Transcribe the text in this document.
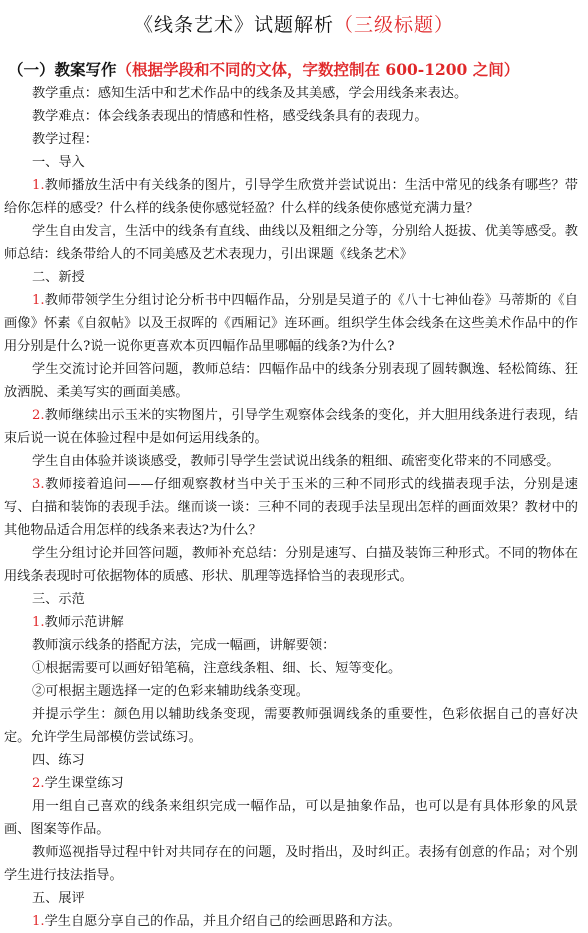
《线条艺术》试题解析（三级标题）
（一）教案写作（根据学段和不同的文体，字数控制在 600-1200 之间）

教学重点：感知生活中和艺术作品中的线条及其美感，学会用线条来表达。

教学难点：体会线条表现出的情感和性格，感受线条具有的表现力。

教学过程：

一、导入

1.教师播放生活中有关线条的图片，引导学生欣赏并尝试说出：生活中常见的线条有哪些？带给你怎样的感受？什么样的线条使你感觉轻盈？什么样的线条使你感觉充满力量？

学生自由发言，生活中的线条有直线、曲线以及粗细之分等，分别给人挺拔、优美等感受。教师总结：线条带给人的不同美感及艺术表现力，引出课题《线条艺术》

二、新授

1.教师带领学生分组讨论分析书中四幅作品，分别是吴道子的《八十七神仙卷》马蒂斯的《自画像》怀素《自叙帖》以及王叔晖的《西厢记》连环画。组织学生体会线条在这些美术作品中的作用分别是什么?说一说你更喜欢本页四幅作品里哪幅的线条?为什么?

学生交流讨论并回答问题，教师总结：四幅作品中的线条分别表现了圆转飘逸、轻松简练、狂放洒脱、柔美写实的画面美感。

2.教师继续出示玉米的实物图片，引导学生观察体会线条的变化，并大胆用线条进行表现，结束后说一说在体验过程中是如何运用线条的。

学生自由体验并谈谈感受，教师引导学生尝试说出线条的粗细、疏密变化带来的不同感受。

3.教师接着追问——仔细观察教材当中关于玉米的三种不同形式的线描表现手法，分别是速写、白描和装饰的表现手法。继而谈一谈：三种不同的表现手法呈现出怎样的画面效果？教材中的其他物品适合用怎样的线条来表达?为什么？

学生分组讨论并回答问题，教师补充总结：分别是速写、白描及装饰三种形式。不同的物体在用线条表现时可依据物体的质感、形状、肌理等选择恰当的表现形式。

三、示范

1.教师示范讲解

教师演示线条的搭配方法，完成一幅画，讲解要领：

①根据需要可以画好铅笔稿，注意线条粗、细、长、短等变化。

②可根据主题选择一定的色彩来辅助线条变现。

并提示学生：颜色用以辅助线条变现，需要教师强调线条的重要性，色彩依据自己的喜好决定。允许学生局部模仿尝试练习。

四、练习

2.学生课堂练习

用一组自己喜欢的线条来组织完成一幅作品，可以是抽象作品，也可以是有具体形象的风景画、图案等作品。

教师巡视指导过程中针对共同存在的问题，及时指出，及时纠正。表扬有创意的作品；对个别学生进行技法指导。

五、展评

1.学生自愿分享自己的作品，并且介绍自己的绘画思路和方法。
